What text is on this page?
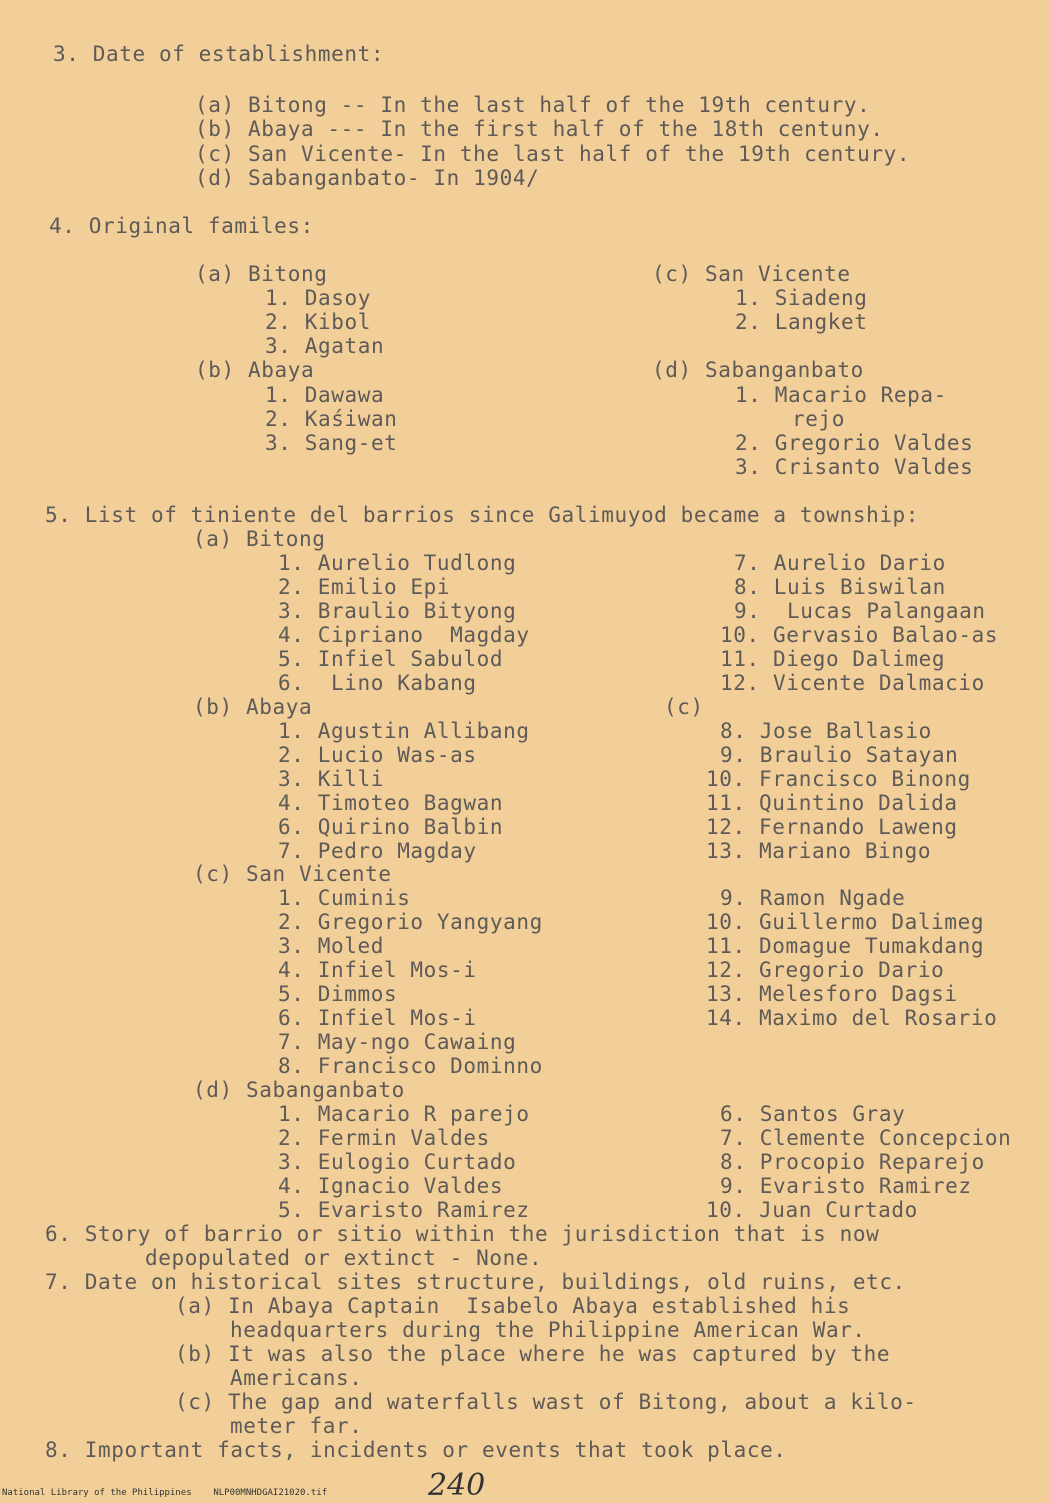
3. Date of establishment:
(a) Bitong -- In the last half of the 19th century.
(b) Abaya --- In the first half of the 18th centuny.
(c) San Vicente- In the last half of the 19th century.
(d) Sabanganbato- In 1904/
4. Original familes:
(a) Bitong
1. Dasoy
2. Kibol
3. Agatan
(b) Abaya
1. Dawawa
2. Kaśiwan
3. Sang-et
(c) San Vicente
1. Siadeng
2. Langket
(d) Sabanganbato
1. Macario Repa-
rejo
2. Gregorio Valdes
3. Crisanto Valdes
5. List of tiniente del barrios since Galimuyod became a township:
(a) Bitong
1. Aurelio Tudlong
2. Emilio Epi
3. Braulio Bityong
4. Cipriano  Magday
5. Infiel Sabulod
6.  Lino Kabang
7. Aurelio Dario
8. Luis Biswilan
9.  Lucas Palangaan
10. Gervasio Balao-as
11. Diego Dalimeg
12. Vicente Dalmacio
(b) Abaya	(c)
1. Agustin Allibang
2. Lucio Was-as
3. Killi
4. Timoteo Bagwan
6. Quirino Balbin
7. Pedro Magday
8. Jose Ballasio
9. Braulio Satayan
10. Francisco Binong
11. Quintino Dalida
12. Fernando Laweng
13. Mariano Bingo
(c) San Vicente
1. Cuminis
2. Gregorio Yangyang
3. Moled
4. Infiel Mos-i
5. Dimmos
6. Infiel Mos-i
7. May-ngo Cawaing
8. Francisco Dominno
9. Ramon Ngade
10. Guillermo Dalimeg
11. Domague Tumakdang
12. Gregorio Dario
13. Melesforo Dagsi
14. Maximo del Rosario
(d) Sabanganbato
1. Macario R parejo
2. Fermin Valdes
3. Eulogio Curtado
4. Ignacio Valdes
5. Evaristo Ramirez
6. Santos Gray
7. Clemente Concepcion
8. Procopio Reparejo
9. Evaristo Ramirez
10. Juan Curtado
6. Story of barrio or sitio within the jurisdiction that is now
depopulated or extinct - None.
7. Date on historical sites structure, buildings, old ruins, etc.
(a) In Abaya Captain  Isabelo Abaya established his
headquarters during the Philippine American War.
(b) It was also the place where he was captured by the
Americans.
(c) The gap and waterfalls wast of Bitong, about a kilo-
meter far.
8. Important facts, incidents or events that took place.
240
National Library of the Philippines    NLP00MNHDGAI21020.tif
